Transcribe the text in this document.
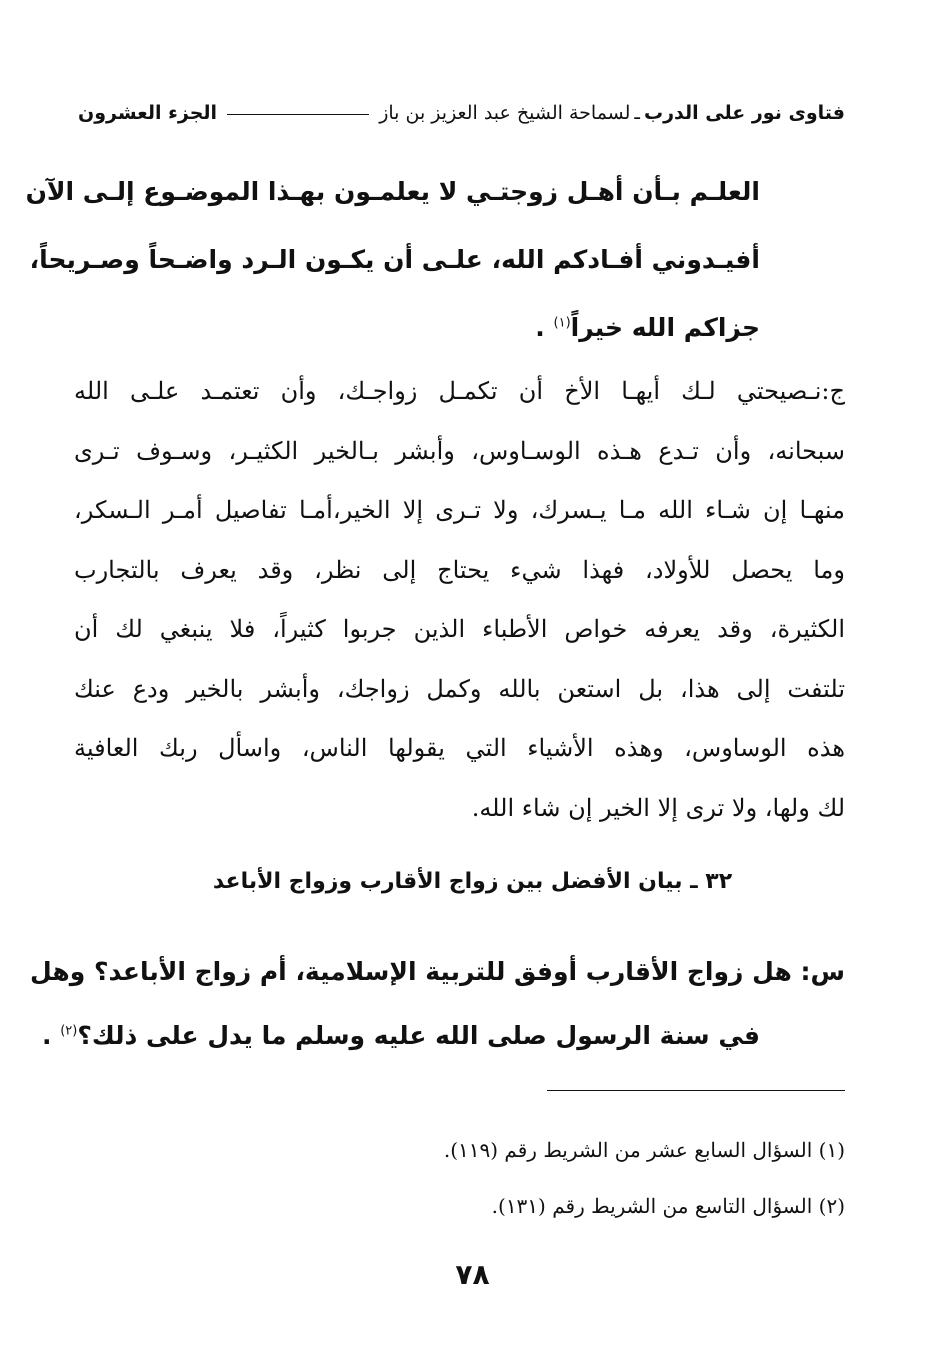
فتاوى نور على الدرب
ـ
لسماحة الشيخ عبد العزيز بن باز
الجزء العشرون
العلـم بـأن أهـل زوجتـي لا يعلمـون بهـذا الموضـوع إلـى الآن
أفيـدوني أفـادكم الله، علـى أن يكـون الـرد واضـحاً وصـريحاً،
جزاكم الله خيراً$^{(١)}$ .
ج:نـصيحتي لـك أيهـا الأخ أن تكمـل زواجـك، وأن تعتمـد علـى الله
سبحانه، وأن تـدع هـذه الوسـاوس، وأبشر بـالخير الكثيـر، وسـوف تـرى
منهـا إن شـاء الله مـا يـسرك، ولا تـرى إلا الخير،أمـا تفاصيل أمـر الـسكر،
وما يحصل للأولاد، فهذا شيء يحتاج إلى نظر، وقد يعرف بالتجارب
الكثيرة، وقد يعرفه خواص الأطباء الذين جربوا كثيراً، فلا ينبغي لك أن
تلتفت إلى هذا، بل استعن بالله وكمل زواجك، وأبشر بالخير ودع عنك
هذه الوساوس، وهذه الأشياء التي يقولها الناس، واسأل ربك العافية
لك ولها، ولا ترى إلا الخير إن شاء الله.
٣٢ ـ بيان الأفضل بين زواج الأقارب وزواج الأباعد
س: هل زواج الأقارب أوفق للتربية الإسلامية، أم زواج الأباعد؟ وهل
في سنة الرسول صلى الله عليه وسلم ما يدل على ذلك؟$^{(٢)}$ .
(١) السؤال السابع عشر من الشريط رقم (١١٩).
(٢) السؤال التاسع من الشريط رقم (١٣١).
٧٨
